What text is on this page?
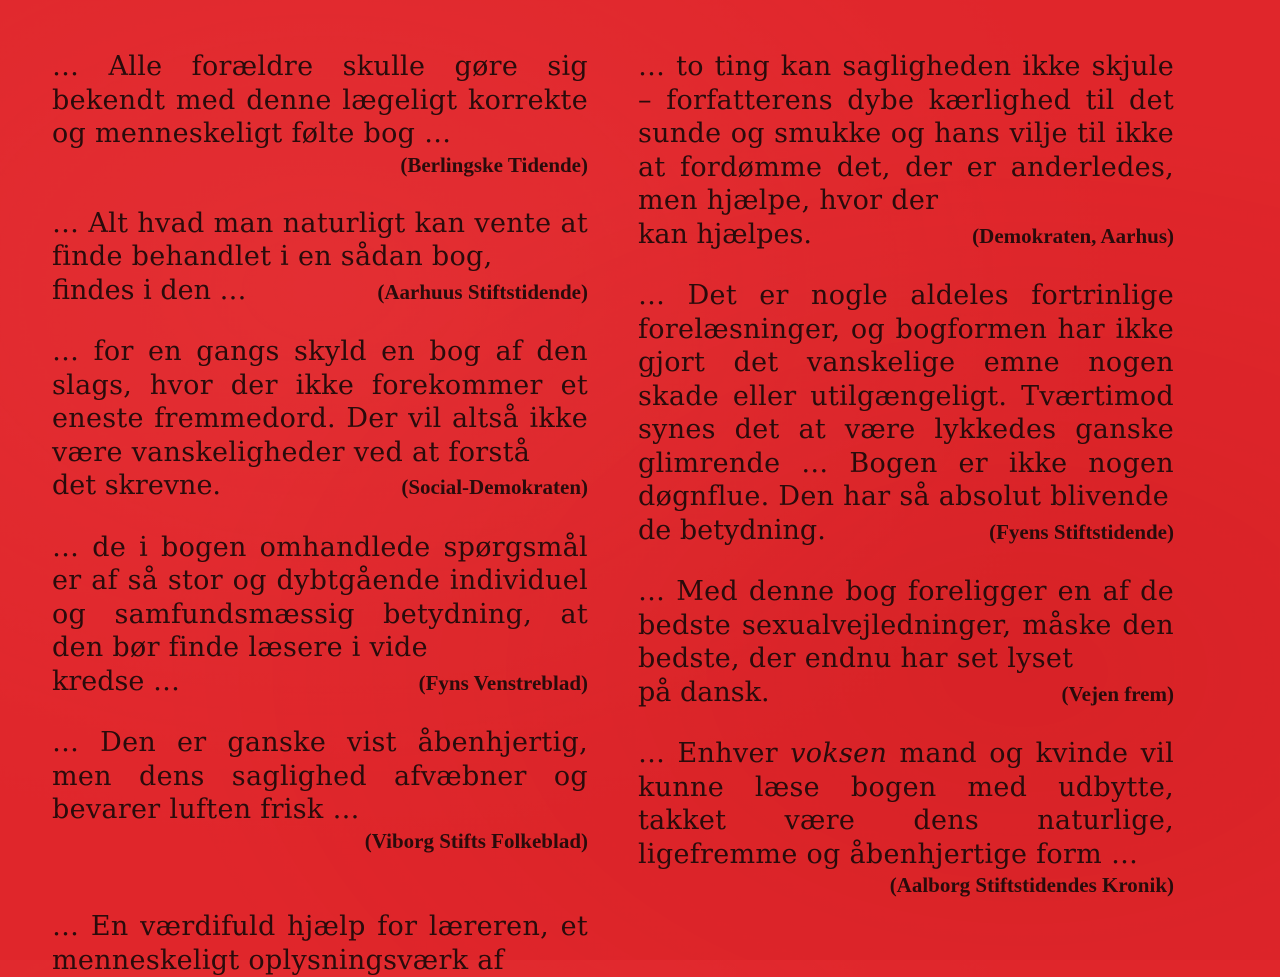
… Alle forældre skulle gøre sig bekendt med denne lægeligt korrekte og menneskeligt følte bog …

(Berlingske Tidende)

… Alt hvad man naturligt kan vente at finde behandlet i en sådan bog,

findes i den …	(Aarhuus Stiftstidende)

… for en gangs skyld en bog af den slags, hvor der ikke forekommer et eneste fremmedord. Der vil altså ikke være vanskeligheder ved at forstå

det skrevne.	(Social-Demokraten)

… de i bogen omhandlede spørgsmål er af så stor og dybtgående individuel og samfundsmæssig betydning, at den bør finde læsere i vide

kredse …	(Fyns Venstreblad)

… Den er ganske vist åbenhjertig, men dens saglighed afvæbner og bevarer luften frisk …

(Viborg Stifts Folkeblad)

… En værdifuld hjælp for læreren, et menneskeligt oplysningsværk af

… to ting kan sagligheden ikke skjule – forfatterens dybe kærlighed til det sunde og smukke og hans vilje til ikke at fordømme det, der er anderledes, men hjælpe, hvor der

kan hjælpes.	(Demokraten, Aarhus)

… Det er nogle aldeles fortrinlige forelæsninger, og bogformen har ikke gjort det vanskelige emne nogen skade eller utilgængeligt. Tværtimod synes det at være lykkedes ganske glimrende … Bogen er ikke nogen døgnflue. Den har så absolut blivende

de betydning.	(Fyens Stiftstidende)

… Med denne bog foreligger en af de bedste sexualvejledninger, måske den bedste, der endnu har set lyset

på dansk.	(Vejen frem)

… Enhver voksen mand og kvinde vil kunne læse bogen med udbytte, takket være dens naturlige, ligefremme og åbenhjertige form …

(Aalborg Stiftstidendes Kronik)
